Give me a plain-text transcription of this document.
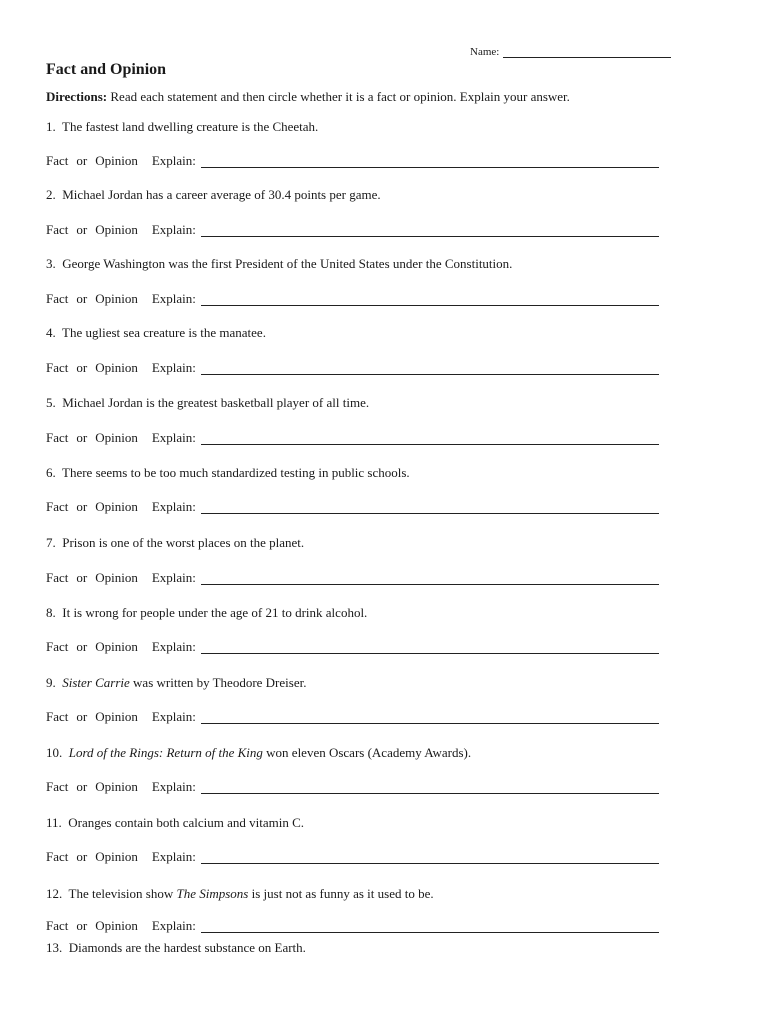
Name:
Fact and Opinion
Directions: Read each statement and then circle whether it is a fact or opinion. Explain your answer.
1.  The fastest land dwelling creature is the Cheetah.
Fact or Opinion Explain:
2.  Michael Jordan has a career average of 30.4 points per game.
Fact or Opinion Explain:
3.  George Washington was the first President of the United States under the Constitution.
Fact or Opinion Explain:
4.  The ugliest sea creature is the manatee.
Fact or Opinion Explain:
5.  Michael Jordan is the greatest basketball player of all time.
Fact or Opinion Explain:
6.  There seems to be too much standardized testing in public schools.
Fact or Opinion Explain:
7.  Prison is one of the worst places on the planet.
Fact or Opinion Explain:
8.  It is wrong for people under the age of 21 to drink alcohol.
Fact or Opinion Explain:
9.  Sister Carrie was written by Theodore Dreiser.
Fact or Opinion Explain:
10.  Lord of the Rings: Return of the King won eleven Oscars (Academy Awards).
Fact or Opinion Explain:
11.  Oranges contain both calcium and vitamin C.
Fact or Opinion Explain:
12.  The television show The Simpsons is just not as funny as it used to be.
Fact or Opinion Explain:
13.  Diamonds are the hardest substance on Earth.
